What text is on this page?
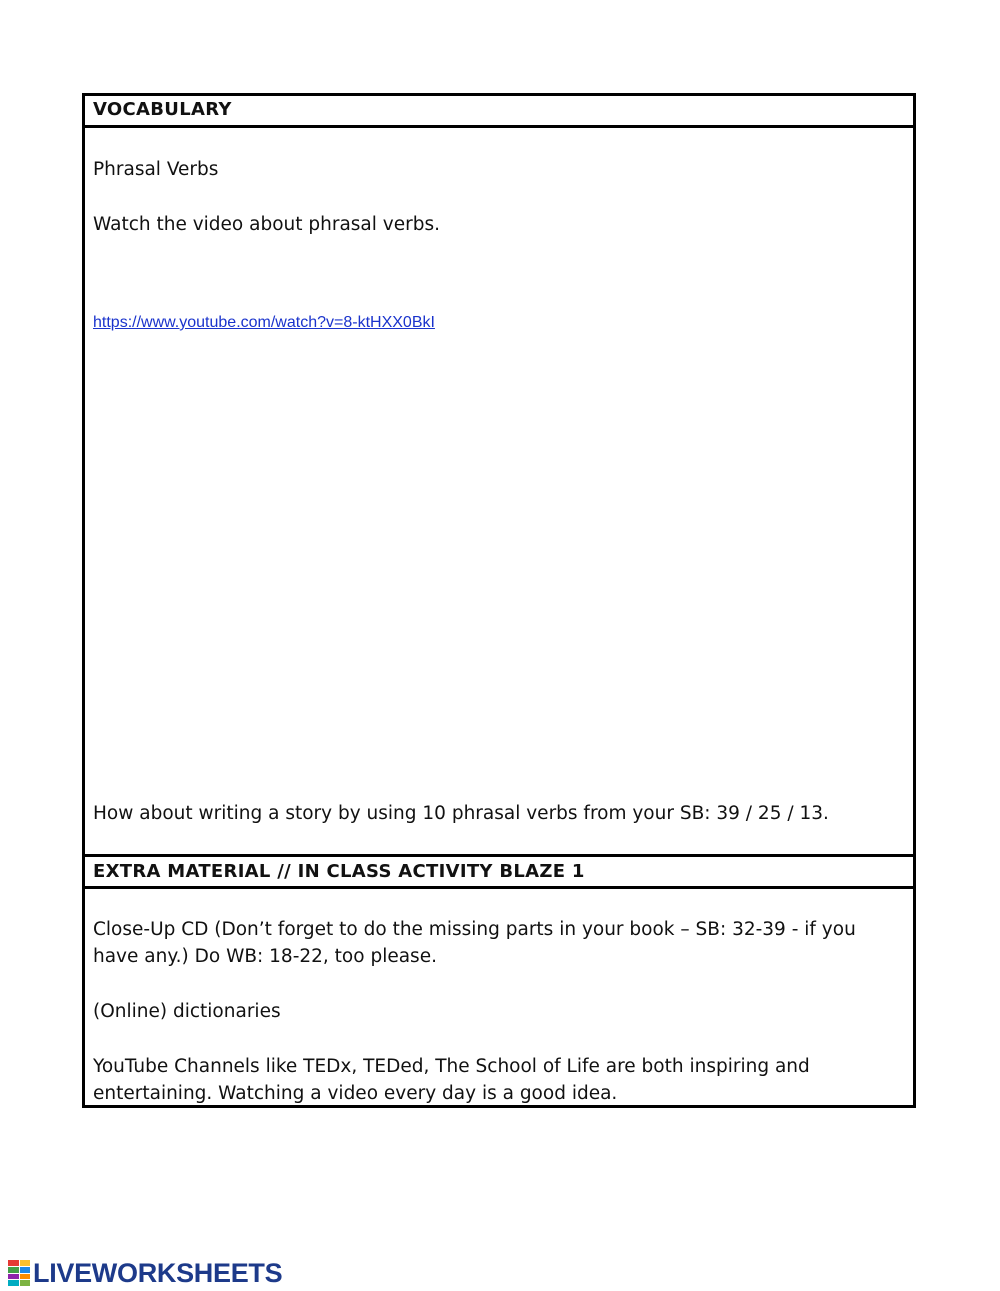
VOCABULARY
Phrasal Verbs
Watch the video about phrasal verbs.
https://www.youtube.com/watch?v=8-ktHXX0BkI
How about writing a story by using 10 phrasal verbs from your SB: 39 / 25 / 13.
EXTRA MATERIAL // IN CLASS ACTIVITY BLAZE 1
Close-Up CD (Don’t forget to do the missing parts in your book – SB: 32-39 - if you have any.) Do WB: 18-22, too please.
(Online) dictionaries
YouTube Channels like TEDx, TEDed, The School of Life are both inspiring and entertaining. Watching a video every day is a good idea.
LIVEWORKSHEETS
